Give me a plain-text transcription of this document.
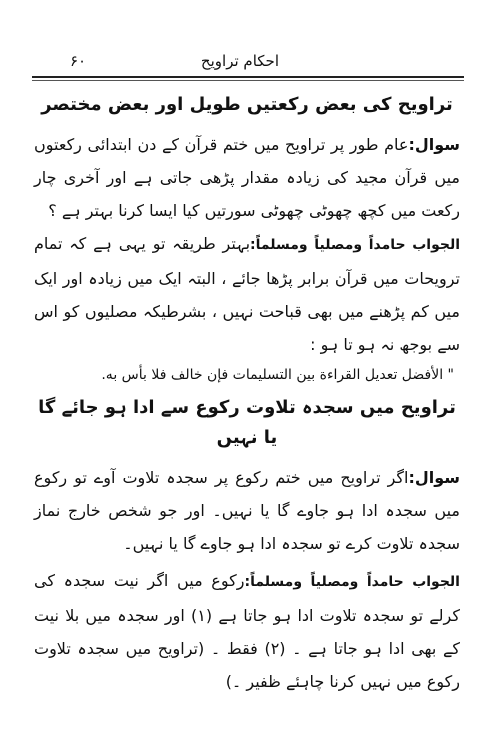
احکام تراویح
۶۰
تراویح کی بعض رکعتیں طویل اور بعض مختصر

سوال:عام طور پر تراویح میں ختم قرآن کے دن ابتدائی رکعتوں میں قرآن مجید کی زیادہ مقدار پڑھی جاتی ہے اور آخری چار رکعت میں کچھ چھوٹی چھوٹی سورتیں کیا ایسا کرنا بہتر ہے ؟

الجواب حامداً ومصلیاً ومسلماً:بہتر طریقہ تو یہی ہے کہ تمام ترویحات میں قرآن برابر پڑھا جائے ، البتہ ایک میں زیادہ اور ایک میں کم پڑھنے میں بھی قباحت نہیں ، بشرطیکہ مصلیوں کو اس سے بوجھ نہ ہو تا ہو :

" الأفضل تعديل القراءة بين التسليمات فإن خالف فلا بأس به.

تراویح میں سجدہ تلاوت رکوع سے ادا ہو جائے گا یا نہیں

سوال:اگر تراویح میں ختم رکوع پر سجدہ تلاوت آوے تو رکوع میں سجدہ ادا ہو جاوے گا یا نہیں۔ اور جو شخص خارج نماز سجدہ تلاوت کرے تو سجدہ ادا ہو جاوے گا یا نہیں۔

الجواب حامداً ومصلیاً ومسلماً:رکوع میں اگر نیت سجدہ کی کرلے تو سجدہ تلاوت ادا ہو جاتا ہے (۱) اور سجدہ میں بلا نیت کے بھی ادا ہو جاتا ہے ۔ (۲) فقط ۔ (تراویح میں سجدہ تلاوت رکوع میں نہیں کرنا چاہئے ظفیر ۔)
